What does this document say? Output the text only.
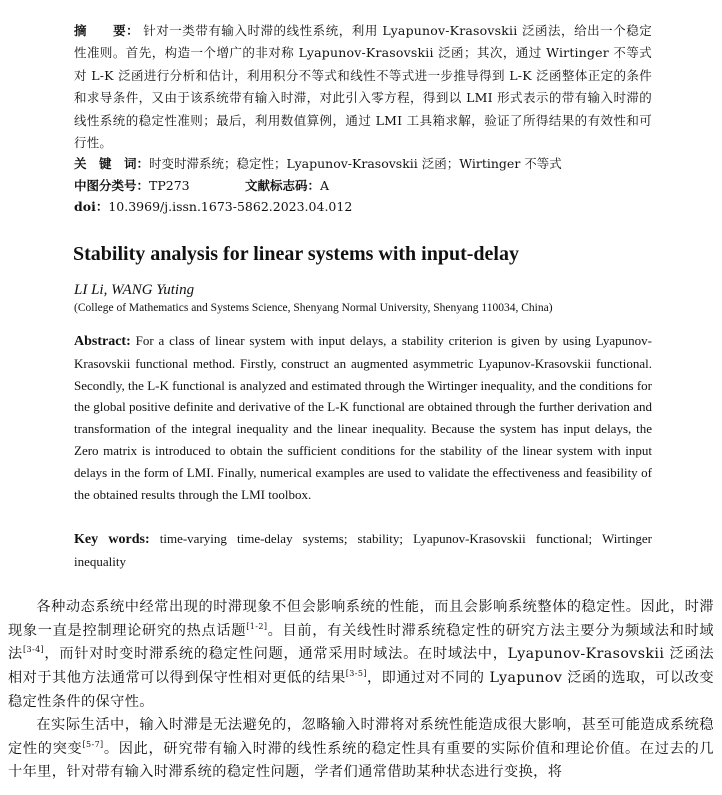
摘　　要： 针对一类带有输入时滞的线性系统，利用 Lyapunov-Krasovskii 泛函法，给出一个稳定性准则。首先，构造一个增广的非对称 Lyapunov-Krasovskii 泛函；其次，通过 Wirtinger 不等式对 L-K 泛函进行分析和估计，利用积分不等式和线性不等式进一步推导得到 L-K 泛函整体正定的条件和求导条件，又由于该系统带有输入时滞，对此引入零方程，得到以 LMI 形式表示的带有输入时滞的线性系统的稳定性准则；最后，利用数值算例，通过 LMI 工具箱求解，验证了所得结果的有效性和可行性。

关　键　词：时变时滞系统；稳定性；Lyapunov-Krasovskii 泛函；Wirtinger 不等式
中图分类号：TP273	文献标志码：A
doi：10.3969/j.issn.1673-5862.2023.04.012
Stability analysis for linear systems with input-delay
LI Li, WANG Yuting
(College of Mathematics and Systems Science, Shenyang Normal University, Shenyang 110034, China)
Abstract: For a class of linear system with input delays, a stability criterion is given by using Lyapunov-Krasovskii functional method. Firstly, construct an augmented asymmetric Lyapunov-Krasovskii functional. Secondly, the L-K functional is analyzed and estimated through the Wirtinger inequality, and the conditions for the global positive definite and derivative of the L-K functional are obtained through the further derivation and transformation of the integral inequality and the linear inequality. Because the system has input delays, the Zero matrix is introduced to obtain the sufficient conditions for the stability of the linear system with input delays in the form of LMI. Finally, numerical examples are used to validate the effectiveness and feasibility of the obtained results through the LMI toolbox.
Key words: time-varying time-delay systems; stability; Lyapunov-Krasovskii functional; Wirtinger inequality
各种动态系统中经常出现的时滞现象不但会影响系统的性能，而且会影响系统整体的稳定性。因此，时滞现象一直是控制理论研究的热点话题[1-2]。目前，有关线性时滞系统稳定性的研究方法主要分为频域法和时域法[3-4]，而针对时变时滞系统的稳定性问题，通常采用时域法。在时域法中，Lyapunov-Krasovskii 泛函法相对于其他方法通常可以得到保守性相对更低的结果[3-5]，即通过对不同的 Lyapunov 泛函的选取，可以改变稳定性条件的保守性。
在实际生活中，输入时滞是无法避免的，忽略输入时滞将对系统性能造成很大影响，甚至可能造成系统稳定性的突变[5-7]。因此，研究带有输入时滞的线性系统的稳定性具有重要的实际价值和理论价值。在过去的几十年里，针对带有输入时滞系统的稳定性问题，学者们通常借助某种状态进行变换，将
